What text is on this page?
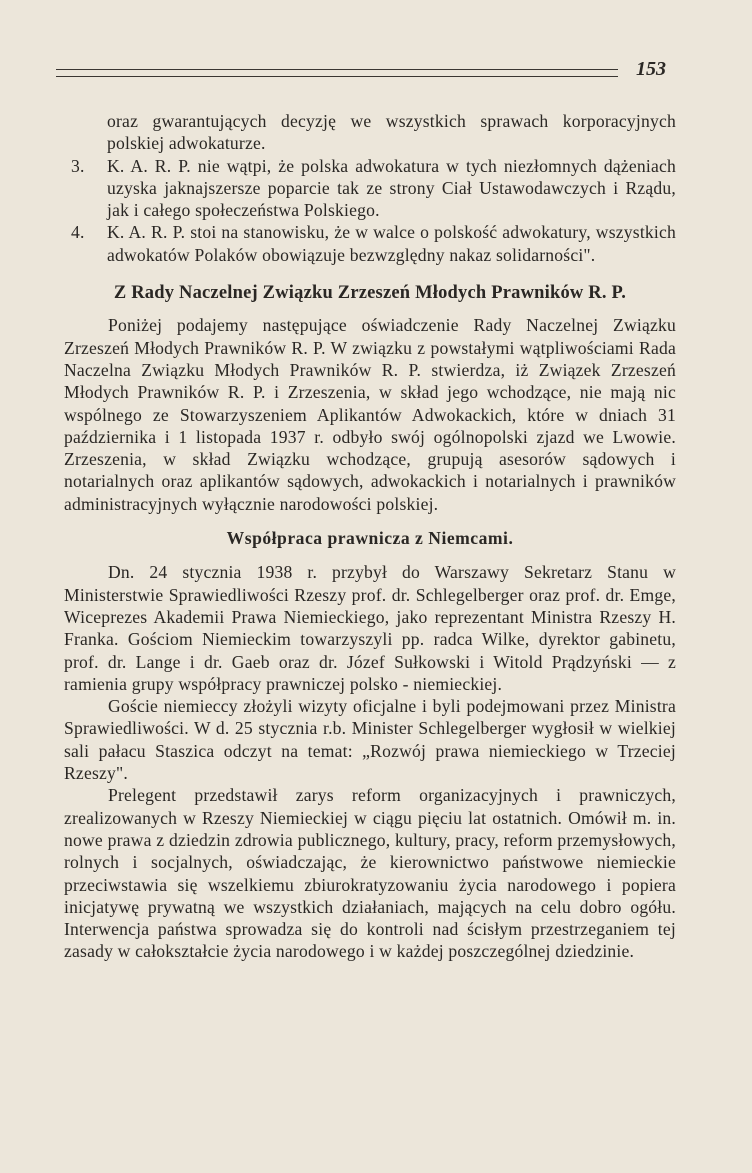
153

oraz gwarantujących decyzję we wszystkich sprawach korporacyjnych polskiej adwokaturze.

3. K. A. R. P. nie wątpi, że polska adwokatura w tych niezłomnych dążeniach uzyska jaknajszersze poparcie tak ze strony Ciał Ustawodawczych i Rządu, jak i całego społeczeństwa Polskiego.

4. K. A. R. P. stoi na stanowisku, że w walce o polskość adwokatury, wszystkich adwokatów Polaków obowiązuje bezwzględny nakaz solidarności".

Z Rady Naczelnej Związku Zrzeszeń Młodych Prawników R. P.

Poniżej podajemy następujące oświadczenie Rady Naczelnej Związku Zrzeszeń Młodych Prawników R. P. W związku z powstałymi wątpliwościami Rada Naczelna Związku Młodych Prawników R. P. stwierdza, iż Związek Zrzeszeń Młodych Prawników R. P. i Zrzeszenia, w skład jego wchodzące, nie mają nic wspólnego ze Stowarzyszeniem Aplikantów Adwokackich, które w dniach 31 października i 1 listopada 1937 r. odbyło swój ogólnopolski zjazd we Lwowie. Zrzeszenia, w skład Związku wchodzące, grupują asesorów sądowych i notarialnych oraz aplikantów sądowych, adwokackich i notarialnych i prawników administracyjnych wyłącznie narodowości polskiej.

Współpraca prawnicza z Niemcami.

Dn. 24 stycznia 1938 r. przybył do Warszawy Sekretarz Stanu w Ministerstwie Sprawiedliwości Rzeszy prof. dr. Schlegelberger oraz prof. dr. Emge, Wiceprezes Akademii Prawa Niemieckiego, jako reprezentant Ministra Rzeszy H. Franka. Gościom Niemieckim towarzyszyli pp. radca Wilke, dyrektor gabinetu, prof. dr. Lange i dr. Gaeb oraz dr. Józef Sułkowski i Witold Prądzyński — z ramienia grupy współpracy prawniczej polsko - niemieckiej.

Goście niemieccy złożyli wizyty oficjalne i byli podejmowani przez Ministra Sprawiedliwości. W d. 25 stycznia r.b. Minister Schlegelberger wygłosił w wielkiej sali pałacu Staszica odczyt na temat: „Rozwój prawa niemieckiego w Trzeciej Rzeszy".

Prelegent przedstawił zarys reform organizacyjnych i prawniczych, zrealizowanych w Rzeszy Niemieckiej w ciągu pięciu lat ostatnich. Omówił m. in. nowe prawa z dziedzin zdrowia publicznego, kultury, pracy, reform przemysłowych, rolnych i socjalnych, oświadczając, że kierownictwo państwowe niemieckie przeciwstawia się wszelkiemu zbiurokratyzowaniu życia narodowego i popiera inicjatywę prywatną we wszystkich działaniach, mających na celu dobro ogółu. Interwencja państwa sprowadza się do kontroli nad ścisłym przestrzeganiem tej zasady w całokształcie życia narodowego i w każdej poszczególnej dziedzinie.
